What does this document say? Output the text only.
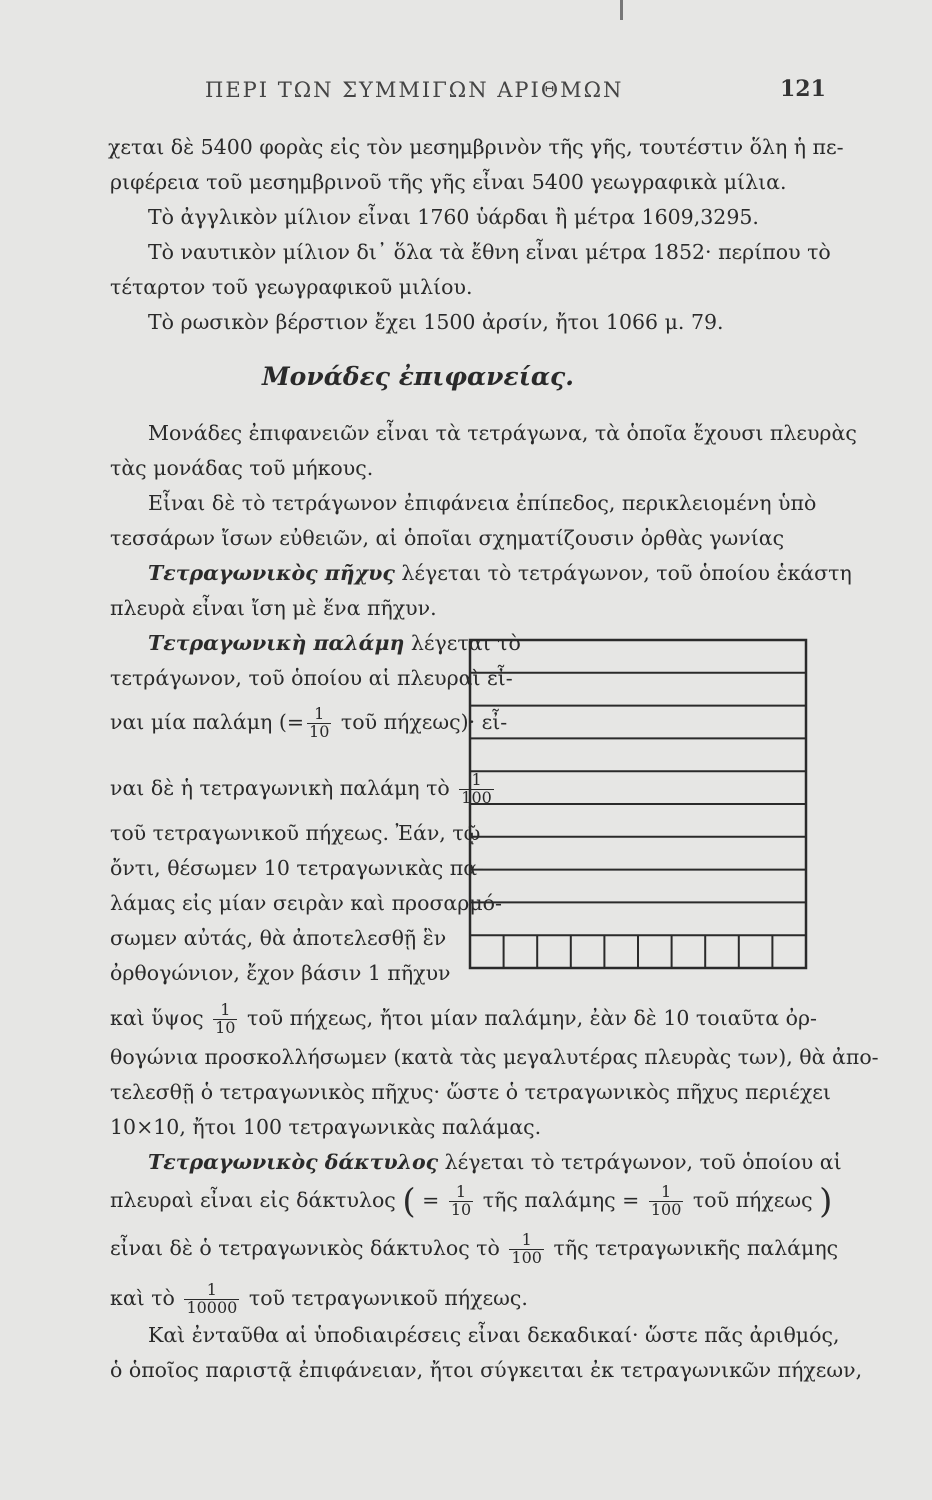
ΠΕΡΙ ΤΩΝ ΣΥΜΜΙΓΩΝ ΑΡΙΘΜΩΝ	121
χεται δὲ 5400 φορὰς εἰς τὸν μεσημβρινὸν τῆς γῆς, τουτέστιν ὅλη ἡ πε-
ριφέρεια τοῦ μεσημβρινοῦ τῆς γῆς εἶναι 5400 γεωγραφικὰ μίλια.
Τὸ ἀγγλικὸν μίλιον εἶναι 1760 ὑάρδαι ἢ μέτρα 1609,3295.
Τὸ ναυτικὸν μίλιον δι᾽ ὅλα τὰ ἔθνη εἶναι μέτρα 1852· περίπου τὸ
τέταρτον τοῦ γεωγραφικοῦ μιλίου.
Τὸ ρωσικὸν βέρστιον ἔχει 1500 ἀρσίν, ἤτοι 1066 μ. 79.
Μονάδες ἐπιφανείας.
Μονάδες ἐπιφανειῶν εἶναι τὰ τετράγωνα, τὰ ὁποῖα ἔχουσι πλευρὰς
τὰς μονάδας τοῦ μήκους.
Εἶναι δὲ τὸ τετράγωνον ἐπιφάνεια ἐπίπεδος, περικλειομένη ὑπὸ
τεσσάρων ἴσων εὐθειῶν, αἱ ὁποῖαι σχηματίζουσιν ὀρθὰς γωνίας
Τετραγωνικὸς πῆχυς λέγεται τὸ τετράγωνον, τοῦ ὁποίου ἑκάστη
πλευρὰ εἶναι ἴση μὲ ἕνα πῆχυν.
Τετραγωνικὴ παλάμη λέγεται τὸ
τετράγωνον, τοῦ ὁποίου αἱ πλευραὶ εἶ-
ναι μία παλάμη (= $\frac{1}{10}$ τοῦ πήχεως)· εἶ-
ναι δὲ ἡ τετραγωνικὴ παλάμη τὸ $\frac{1}{100}$
τοῦ τετραγωνικοῦ πήχεως. Ἐάν, τῷ
ὄντι, θέσωμεν 10 τετραγωνικὰς πα-
λάμας εἰς μίαν σειρὰν καὶ προσαρμό-
σωμεν αὐτάς, θὰ ἀποτελεσθῇ ἓν
ὀρθογώνιον, ἔχον βάσιν 1 πῆχυν
καὶ ὕψος $\frac{1}{10}$ τοῦ πήχεως, ἤτοι μίαν παλάμην, ἐὰν δὲ 10 τοιαῦτα ὀρ-
θογώνια προσκολλήσωμεν (κατὰ τὰς μεγαλυτέρας πλευρὰς των), θὰ ἀπο-
τελεσθῇ ὁ τετραγωνικὸς πῆχυς· ὥστε ὁ τετραγωνικὸς πῆχυς περιέχει
10×10, ἤτοι 100 τετραγωνικὰς παλάμας.
Τετραγωνικὸς δάκτυλος λέγεται τὸ τετράγωνον, τοῦ ὁποίου αἱ
πλευραὶ εἶναι εἰς δάκτυλος ( = $\frac{1}{10}$ τῆς $\pi\alpha\lambda ά\mu\eta\varsigma = \frac{1}{100}$ τοῦ πήχεως )
εἶναι δὲ ὁ τετραγωνικὸς δάκτυλος τὸ $\frac{1}{100}$ τῆς τετραγωνικῆς παλάμης
καὶ τὸ $\frac{1}{10000}$ τοῦ τετραγωνικοῦ πήχεως.
Καὶ ἐνταῦθα αἱ ὑποδιαιρέσεις εἶναι δεκαδικαί· ὥστε πᾶς ἀριθμός,
ὁ ὁποῖος παριστᾷ ἐπιφάνειαν, ἤτοι σύγκειται ἐκ τετραγωνικῶν πήχεων,
